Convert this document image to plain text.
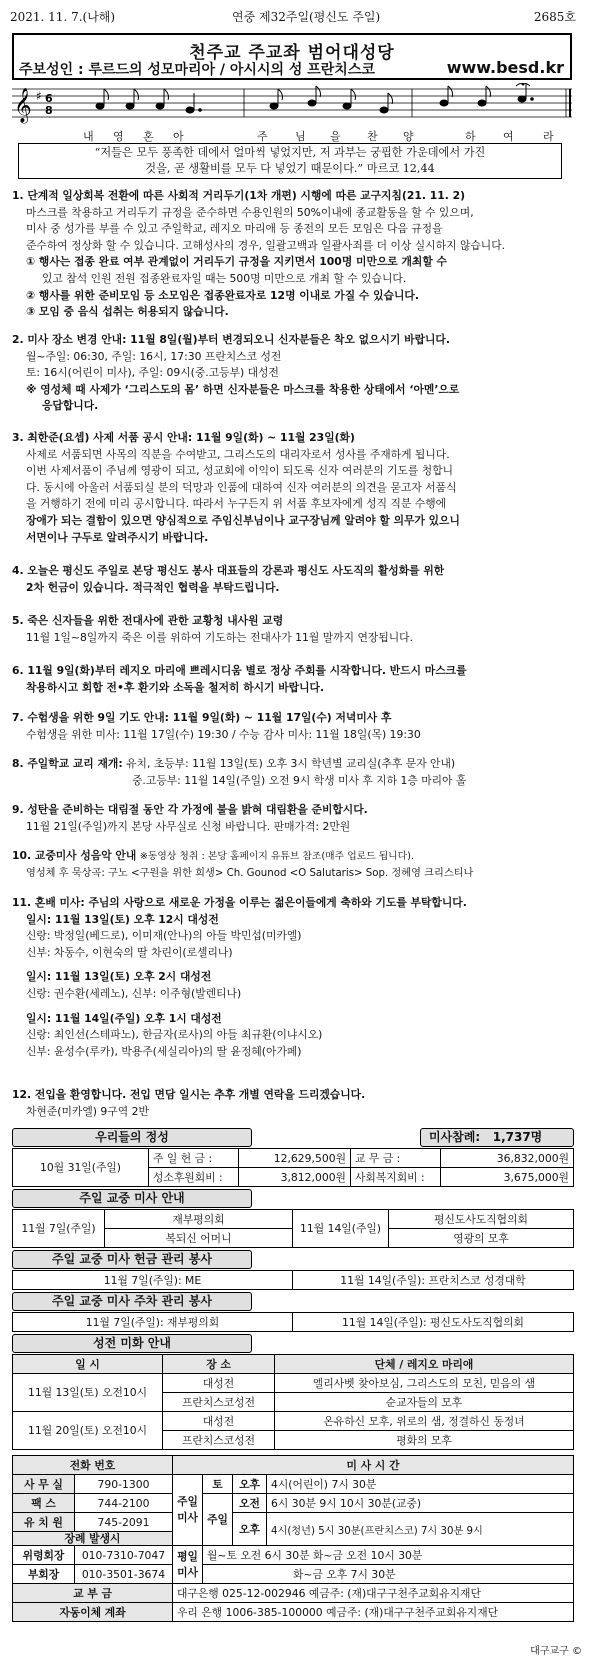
2021. 11. 7.(나해)	연중 제32주일(평신도 주일)	2685호
천주교 주교좌 범어대성당
주보성인 : 루르드의 성모마리아 / 아시시의 성 프란치스코	www.besd.kr
𝄞 ♯ 6
8
내 영 혼 아	주 님 을 찬 양	하 여	라
“저들은 모두 풍족한 데에서 얼마씩 넣었지만, 저 과부는 궁핍한 가운데에서 가진
것을, 곧 생활비를 모두 다 넣었기 때문이다.” 마르코 12,44
1. 단계적 일상회복 전환에 따른 사회적 거리두기(1차 개편) 시행에 따른 교구지침(21. 11. 2)
마스크를 착용하고 거리두기 규정을 준수하면 수용인원의 50%이내에 종교활동을 할 수 있으며,
미사 중 성가를 부를 수 있고 주일학교, 레지오 마리애 등 종전의 모든 모임은 다음 규정을
준수하여 정상화 할 수 있습니다. 고해성사의 경우, 일괄고백과 일괄사죄를 더 이상 실시하지 않습니다.
① 행사는 접종 완료 여부 관계없이 거리두기 규정을 지키면서 100명 미만으로 개최할 수
있고 참석 인원 전원 접종완료자일 때는 500명 미만으로 개최 할 수 있습니다.
② 행사를 위한 준비모임 등 소모임은 접종완료자로 12명 이내로 가질 수 있습니다.
③ 모임 중 음식 섭취는 허용되지 않습니다.
2. 미사 장소 변경 안내: 11월 8일(월)부터 변경되오니 신자분들은 착오 없으시기 바랍니다.
월~주일: 06:30, 주일: 16시, 17:30 프란치스코 성전
토: 16시(어린이 미사), 주일: 09시(중.고등부) 대성전
※ 영성체 때 사제가 ‘그리스도의 몸’ 하면 신자분들은 마스크를 착용한 상태에서 ‘아멘’으로
응답합니다.
3. 최한준(요셉) 사제 서품 공시 안내: 11월 9일(화) ~ 11월 23일(화)
사제로 서품되면 사목의 직분을 수여받고, 그리스도의 대리자로서 성사를 주재하게 됩니다.
이번 사제서품이 주님께 영광이 되고, 성교회에 이익이 되도록 신자 여러분의 기도를 청합니
다. 동시에 아울러 서품되실 분의 덕망과 인품에 대하여 신자 여러분의 의견을 묻고자 서품식
을 거행하기 전에 미리 공시합니다. 따라서 누구든지 위 서품 후보자에게 성직 직분 수행에
장애가 되는 결함이 있으면 양심적으로 주임신부님이나 교구장님께 알려야 할 의무가 있으니
서면이나 구두로 알려주시기 바랍니다.
4. 오늘은 평신도 주일로 본당 평신도 봉사 대표들의 강론과 평신도 사도직의 활성화를 위한
2차 헌금이 있습니다. 적극적인 협력을 부탁드립니다.
5. 죽은 신자들을 위한 전대사에 관한 교황청 내사원 교령
11월 1일~8일까지 죽은 이를 위하여 기도하는 전대사가 11월 말까지 연장됩니다.
6. 11월 9일(화)부터 레지오 마리애 쁘레시디움 별로 정상 주회를 시작합니다. 반드시 마스크를
착용하시고 회합 전•후 환기와 소독을 철저히 하시기 바랍니다.
7. 수험생을 위한 9일 기도 안내: 11월 9일(화) ~ 11월 17일(수) 저녁미사 후
수험생을 위한 미사: 11월 17일(수) 19:30 / 수능 감사 미사: 11월 18일(목) 19:30
8. 주일학교 교리 재개: 유치, 초등부: 11월 13일(토) 오후 3시 학년별 교리실(추후 문자 안내)
중.고등부: 11월 14일(주일) 오전 9시 학생 미사 후 지하 1층 마리아 홀
9. 성탄을 준비하는 대림절 동안 각 가정에 불을 밝혀 대림환을 준비합시다.
11월 21일(주일)까지 본당 사무실로 신청 바랍니다. 판매가격: 2만원
10. 교중미사 성음악 안내 ※동영상 청취 : 본당 홈페이지 유튜브 참조(매주 업로드 됩니다).
영성체 후 묵상곡: 구노 <구원을 위한 희생> Ch. Gounod <O Salutaris> Sop. 정혜영 크리스티나
11. 혼배 미사: 주님의 사랑으로 새로운 가정을 이루는 젊은이들에게 축하와 기도를 부탁합니다.
일시: 11월 13일(토) 오후 12시 대성전
신랑: 박정일(베드로), 이미재(안나)의 아들 박민섭(미카엘)
신부: 차동수, 이현숙의 딸 차린이(로셀리나)
일시: 11월 13일(토) 오후 2시 대성전
신랑: 권수환(세레노), 신부: 이주형(발렌티나)
일시: 11월 14일(주일) 오후 1시 대성전
신랑: 최인선(스테파노), 한금자(로사)의 아들 최규환(이냐시오)
신부: 윤성수(루카), 박용주(세실리아)의 딸 윤정혜(아가페)
12. 전입을 환영합니다. 전입 면담 일시는 추후 개별 연락을 드리겠습니다.
차현준(미카엘) 9구역 2반
우리들의 정성	미사참례: 1,737명
10월 31일(주일)	주 일 헌 금 :	12,629,500원	교 무 금 :	36,832,000원
	성소후원회비 :	3,812,000원	사회복지회비 :	3,675,000원
주일 교중 미사 안내
11월 7일(주일)	재부평의회	11월 14일(주일)	평신도사도직협의회
	복되신 어머니		영광의 모후
주일 교중 미사 헌금 관리 봉사
11월 7일(주일): ME	11월 14일(주일): 프란치스코 성경대학
주일 교중 미사 주차 관리 봉사
11월 7일(주일): 재부평의회	11월 14일(주일): 평신도사도직협의회
성전 미화 안내
일 시	장 소	단체 / 레지오 마리애
11월 13일(토) 오전10시	대성전	엘리사벳 찾아보심, 그리스도의 모친, 믿음의 샘
	프란치스코성전	순교자들의 모후
11월 20일(토) 오전10시	대성전	온유하신 모후, 위로의 샘, 정결하신 동정녀
	프란치스코성전	평화의 모후
전화 번호		미 사 시 간			
사 무 실	790-1300	주일 미사	토	오후	4시(어린이) 7시 30분
팩 스	744-2100		주일	오전	6시 30분 9시 10시 30분(교중)
유 치 원	745-2091			오후	4시(청년) 5시 30분(프란치스코) 7시 30분 9시
장례 발생시					
위령회장	010-7310-7047	평일 미사	월~토 오전 6시 30분 화~금 오전 10시 30분		
부회장	010-3501-3674		화~금 오후 7시 30분		
교 부 금		대구은행 025-12-002946 예금주: (재)대구구천주교회유지재단			
자동이체 계좌		우리 은행 1006-385-100000 예금주: (재)대구구천주교회유지재단			
대구교구 ©
